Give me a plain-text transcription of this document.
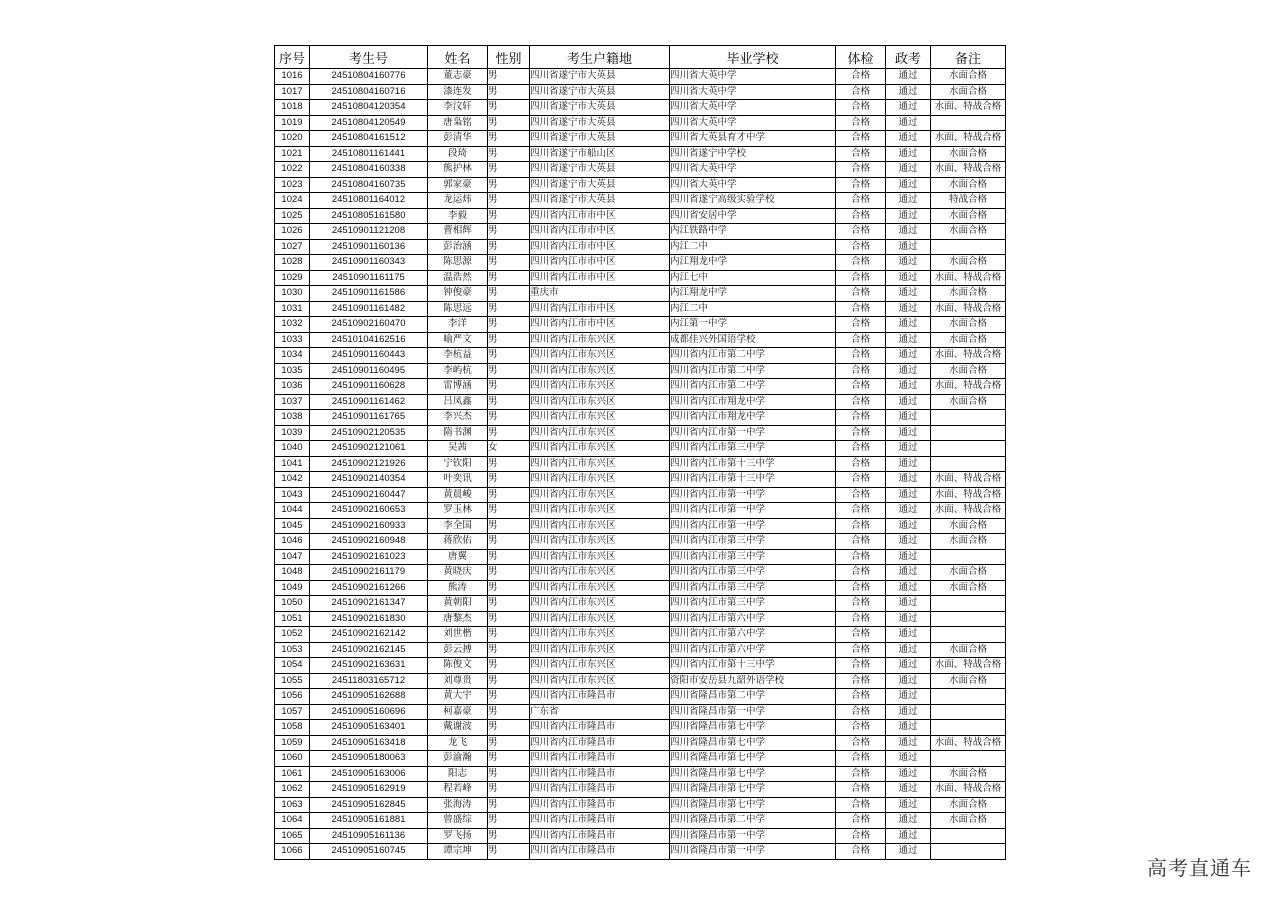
序号	考生号	姓名	性别	考生户籍地	毕业学校	体检	政考	备注
1016	24510804160776	董志豪	男	四川省遂宁市大英县	四川省大英中学	合格	通过	水面合格
1017	24510804160716	漆连发	男	四川省遂宁市大英县	四川省大英中学	合格	通过	水面合格
1018	24510804120354	李汶轩	男	四川省遂宁市大英县	四川省大英中学	合格	通过	水面、特战合格
1019	24510804120549	唐枭铭	男	四川省遂宁市大英县	四川省大英中学	合格	通过	
1020	24510804161512	彭清华	男	四川省遂宁市大英县	四川省大英县育才中学	合格	通过	水面、特战合格
1021	24510801161441	段琦	男	四川省遂宁市船山区	四川省遂宁中学校	合格	通过	水面合格
1022	24510804160338	熊护林	男	四川省遂宁市大英县	四川省大英中学	合格	通过	水面、特战合格
1023	24510804160735	郭家豪	男	四川省遂宁市大英县	四川省大英中学	合格	通过	水面合格
1024	24510801164012	龙运炜	男	四川省遂宁市大英县	四川省遂宁高级实验学校	合格	通过	特战合格
1025	24510805161580	李毅	男	四川省内江市市中区	四川省安居中学	合格	通过	水面合格
1026	24510901121208	曹相辉	男	四川省内江市市中区	内江铁路中学	合格	通过	水面合格
1027	24510901160136	彭治涵	男	四川省内江市市中区	内江二中	合格	通过	
1028	24510901160343	陈思源	男	四川省内江市市中区	内江翔龙中学	合格	通过	水面合格
1029	24510901161175	温浩然	男	四川省内江市市中区	内江七中	合格	通过	水面、特战合格
1030	24510901161586	钟俊豪	男	重庆市	内江翔龙中学	合格	通过	水面合格
1031	24510901161482	陈思远	男	四川省内江市市中区	内江二中	合格	通过	水面、特战合格
1032	24510902160470	李洋	男	四川省内江市市中区	内江第一中学	合格	通过	水面合格
1033	24510104162516	喻严文	男	四川省内江市东兴区	成都佳兴外国语学校	合格	通过	水面合格
1034	24510901160443	李杭益	男	四川省内江市东兴区	四川省内江市第二中学	合格	通过	水面、特战合格
1035	24510901160495	李屿杭	男	四川省内江市东兴区	四川省内江市第二中学	合格	通过	水面合格
1036	24510901160628	雷博涵	男	四川省内江市东兴区	四川省内江市第二中学	合格	通过	水面、特战合格
1037	24510901161462	吕凤鑫	男	四川省内江市东兴区	四川省内江市翔龙中学	合格	通过	水面合格
1038	24510901161765	李兴杰	男	四川省内江市东兴区	四川省内江市翔龙中学	合格	通过	
1039	24510902120535	隋书渊	男	四川省内江市东兴区	四川省内江市第一中学	合格	通过	
1040	24510902121061	吴茜	女	四川省内江市东兴区	四川省内江市第三中学	合格	通过	
1041	24510902121926	宁钦阳	男	四川省内江市东兴区	四川省内江市第十三中学	合格	通过	
1042	24510902140354	叶奕讯	男	四川省内江市东兴区	四川省内江市第十三中学	合格	通过	水面、特战合格
1043	24510902160447	黄晨峻	男	四川省内江市东兴区	四川省内江市第一中学	合格	通过	水面、特战合格
1044	24510902160653	罗玉林	男	四川省内江市东兴区	四川省内江市第一中学	合格	通过	水面、特战合格
1045	24510902160933	李全国	男	四川省内江市东兴区	四川省内江市第一中学	合格	通过	水面合格
1046	24510902160948	蒋欣佑	男	四川省内江市东兴区	四川省内江市第三中学	合格	通过	水面合格
1047	24510902161023	唐翼	男	四川省内江市东兴区	四川省内江市第三中学	合格	通过	
1048	24510902161179	黄晓庆	男	四川省内江市东兴区	四川省内江市第三中学	合格	通过	水面合格
1049	24510902161266	熊涛	男	四川省内江市东兴区	四川省内江市第三中学	合格	通过	水面合格
1050	24510902161347	黄朝阳	男	四川省内江市东兴区	四川省内江市第三中学	合格	通过	
1051	24510902161830	唐黎杰	男	四川省内江市东兴区	四川省内江市第六中学	合格	通过	
1052	24510902162142	刘世楷	男	四川省内江市东兴区	四川省内江市第六中学	合格	通过	
1053	24510902162145	彭云搏	男	四川省内江市东兴区	四川省内江市第六中学	合格	通过	水面合格
1054	24510902163631	陈俊文	男	四川省内江市东兴区	四川省内江市第十三中学	合格	通过	水面、特战合格
1055	24511803165712	刘尊贵	男	四川省内江市东兴区	资阳市安岳县九韶外语学校	合格	通过	水面合格
1056	24510905162688	黄大宇	男	四川省内江市隆昌市	四川省隆昌市第二中学	合格	通过	
1057	24510905160696	柯嘉豪	男	广东省	四川省隆昌市第一中学	合格	通过	
1058	24510905163401	戴谢波	男	四川省内江市隆昌市	四川省隆昌市第七中学	合格	通过	
1059	24510905163418	龙飞	男	四川省内江市隆昌市	四川省隆昌市第七中学	合格	通过	水面、特战合格
1060	24510905180063	彭渝瀚	男	四川省内江市隆昌市	四川省隆昌市第七中学	合格	通过	
1061	24510905163006	阳志	男	四川省内江市隆昌市	四川省隆昌市第七中学	合格	通过	水面合格
1062	24510905162919	程若峰	男	四川省内江市隆昌市	四川省隆昌市第七中学	合格	通过	水面、特战合格
1063	24510905162845	张海涛	男	四川省内江市隆昌市	四川省隆昌市第七中学	合格	通过	水面合格
1064	24510905161881	曾盛综	男	四川省内江市隆昌市	四川省隆昌市第二中学	合格	通过	水面合格
1065	24510905161136	罗飞扬	男	四川省内江市隆昌市	四川省隆昌市第一中学	合格	通过	
1066	24510905160745	谭宗坤	男	四川省内江市隆昌市	四川省隆昌市第一中学	合格	通过	
高考直通车
